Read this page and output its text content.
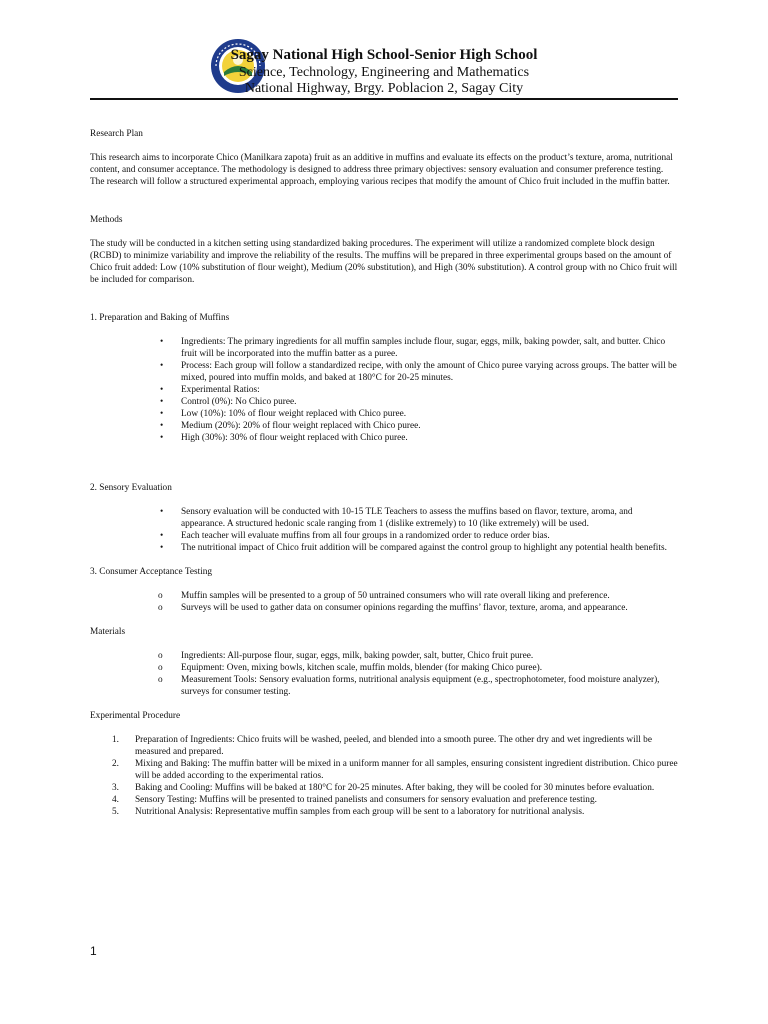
Sagay National High School-Senior High School
Science, Technology, Engineering and Mathematics
National Highway, Brgy. Poblacion 2, Sagay City

Research Plan

This research aims to incorporate Chico (Manilkara zapota) fruit as an additive in muffins and evaluate its effects on the product’s texture, aroma, nutritional content, and consumer acceptance. The methodology is designed to address three primary objectives: sensory evaluation and consumer preference testing. The research will follow a structured experimental approach, employing various recipes that modify the amount of Chico fruit included in the muffin batter.

Methods

The study will be conducted in a kitchen setting using standardized baking procedures. The experiment will utilize a randomized complete block design (RCBD) to minimize variability and improve the reliability of the results. The muffins will be prepared in three experimental groups based on the amount of Chico fruit added: Low (10% substitution of flour weight), Medium (20% substitution), and High (30% substitution). A control group with no Chico fruit will be included for comparison.

1. Preparation and Baking of Muffins

• Ingredients: The primary ingredients for all muffin samples include flour, sugar, eggs, milk, baking powder, salt, and butter. Chico fruit will be incorporated into the muffin batter as a puree.
• Process: Each group will follow a standardized recipe, with only the amount of Chico puree varying across groups. The batter will be mixed, poured into muffin molds, and baked at 180°C for 20-25 minutes.
• Experimental Ratios:
• Control (0%): No Chico puree.
• Low (10%): 10% of flour weight replaced with Chico puree.
• Medium (20%): 20% of flour weight replaced with Chico puree.
• High (30%): 30% of flour weight replaced with Chico puree.

2. Sensory Evaluation

• Sensory evaluation will be conducted with 10-15 TLE Teachers to assess the muffins based on flavor, texture, aroma, and appearance. A structured hedonic scale ranging from 1 (dislike extremely) to 10 (like extremely) will be used.
• Each teacher will evaluate muffins from all four groups in a randomized order to reduce order bias.
• The nutritional impact of Chico fruit addition will be compared against the control group to highlight any potential health benefits.

3. Consumer Acceptance Testing

o Muffin samples will be presented to a group of 50 untrained consumers who will rate overall liking and preference.
o Surveys will be used to gather data on consumer opinions regarding the muffins’ flavor, texture, aroma, and appearance.

Materials

o Ingredients: All-purpose flour, sugar, eggs, milk, baking powder, salt, butter, Chico fruit puree.
o Equipment: Oven, mixing bowls, kitchen scale, muffin molds, blender (for making Chico puree).
o Measurement Tools: Sensory evaluation forms, nutritional analysis equipment (e.g., spectrophotometer, food moisture analyzer), surveys for consumer testing.

Experimental Procedure

1. Preparation of Ingredients: Chico fruits will be washed, peeled, and blended into a smooth puree. The other dry and wet ingredients will be measured and prepared.
2. Mixing and Baking: The muffin batter will be mixed in a uniform manner for all samples, ensuring consistent ingredient distribution. Chico puree will be added according to the experimental ratios.
3. Baking and Cooling: Muffins will be baked at 180°C for 20-25 minutes. After baking, they will be cooled for 30 minutes before evaluation.
4. Sensory Testing: Muffins will be presented to trained panelists and consumers for sensory evaluation and preference testing.
5. Nutritional Analysis: Representative muffin samples from each group will be sent to a laboratory for nutritional analysis.
1
